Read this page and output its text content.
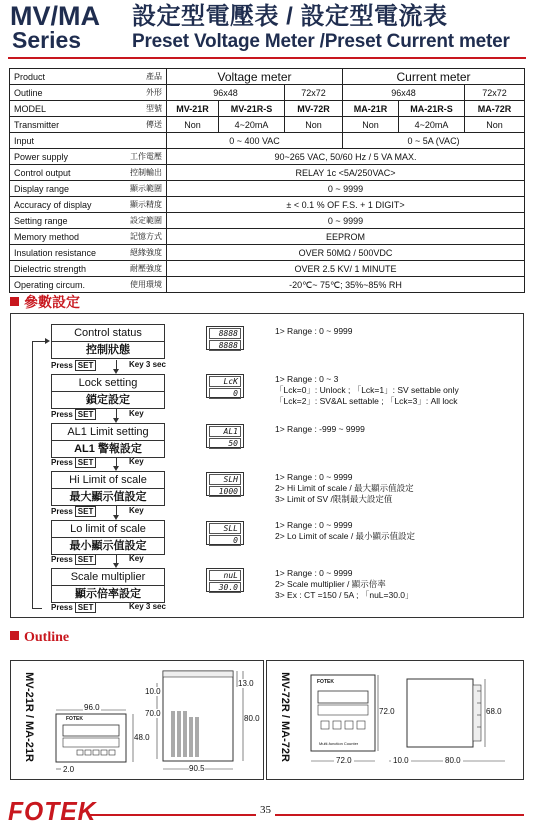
MV/MA
Series
設定型電壓表 / 設定型電流表
Preset Voltage Meter /Preset Current meter
Product	產品	Voltage meter			Current meter		
Outline	外形	96x48		72x72	96x48		72x72
MODEL	型號	MV-21R	MV-21R-S	MV-72R	MA-21R	MA-21R-S	MA-72R
Transmitter	傳送	Non	4~20mA	Non	Non	4~20mA	Non
Input		0 ~ 400 VAC			0 ~ 5A (VAC)		
Power supply	工作電壓	90~265 VAC, 50/60 Hz / 5 VA MAX.					
Control output	控制輸出	RELAY 1c <5A/250VAC>					
Display range	顯示範圍	0 ~ 9999					
Accuracy of display	顯示精度	± < 0.1 % OF F.S. + 1 DIGIT>					
Setting range	設定範圍	0 ~ 9999					
Memory method	記憶方式	EEPROM					
Insulation resistance	絕緣強度	OVER 50MΩ / 500VDC					
Dielectric strength	耐壓強度	OVER 2.5 KV/ 1 MINUTE					
Operating circum.	使用環境	-20℃~ 75℃; 35%~85% RH					
參數設定
Control status
控制狀態
Press SET	Key 3 sec
Lock setting
鎖定設定
Press SET	Key
AL1 Limit setting
AL1 警報設定
Press SET	Key
Hi Limit of scale
最大顯示值設定
Press SET	Key
Lo limit of scale
最小顯示值設定
Press SET	Key
Scale multiplier
顯示倍率設定
Press SET	Key 3 sec
8888
8888
LcK
0
AL1
50
SLH
1000
SLL
0
nuL
30.0
1> Range : 0 ~ 9999
1> Range : 0 ~ 3
「Lck=0」: Unlock ; 「Lck=1」: SV settable only
「Lck=2」: SV&AL settable ; 「Lck=3」: All lock
1> Range : -999 ~ 9999
1> Range : 0 ~ 9999
2> Hi Limit of scale / 最大顯示值設定
3> Limit of SV /限制最大設定值
1> Range : 0 ~ 9999
2> Lo Limit of scale / 最小顯示值設定
1> Range : 0 ~ 9999
2> Scale multiplier / 顯示倍率
3> Ex : CT =150 / 5A ; 「nuL=30.0」
Outline
MV-21R / MA-21R	FOTEK
96.0
48.0
2.0
10.0
70.0
80.0
13.0
90.5
MV-72R / MA-72R	FOTEK
Multi-function Counter
72.0
72.0	10.0	80.0
68.0
FOTEK	35
